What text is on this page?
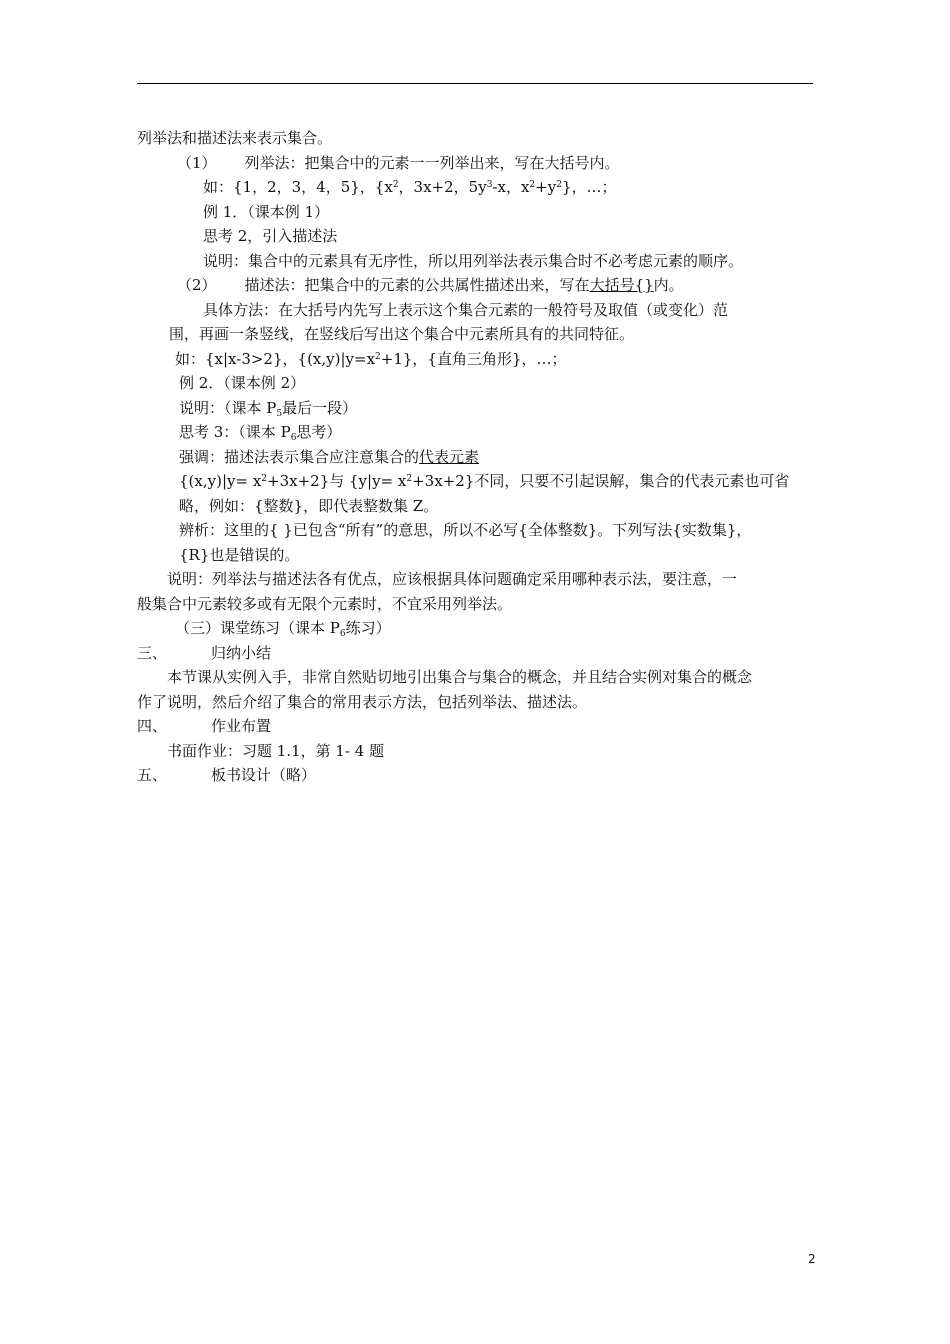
列举法和描述法来表示集合。
（1） 列举法：把集合中的元素一一列举出来，写在大括号内。
如：{1，2，3，4，5}，{$x^2$，3x+2，$5y^3-x$，$x^2+y^2$}，…；
例 1．（课本例 1）
思考 2，引入描述法
说明：集合中的元素具有无序性，所以用列举法表示集合时不必考虑元素的顺序。
（2） 描述法：把集合中的元素的公共属性描述出来，写在大括号{}内。
具体方法：在大括号内先写上表示这个集合元素的一般符号及取值（或变化）范
围，再画一条竖线，在竖线后写出这个集合中元素所具有的共同特征。
如：{x|x-3>2}，$\{(x,y)|y=x^2+1\}$，{直角三角形}，…；
例 2．（课本例 2）
说明：（课本 $P_5$最后一段）
思考 3：（课本 $P_6$思考）
强调：描述法表示集合应注意集合的代表元素
$\{(x,y)|y= x^2+3x+2\}$与 $\{y|y= x^2+3x+2\}$不同，只要不引起误解，集合的代表元素也可省
略，例如：{整数}，即代表整数集 Z。
辨析：这里的{ }已包含“所有”的意思，所以不必写{全体整数}。下列写法{实数集}，
{R}也是错误的。
说明：列举法与描述法各有优点，应该根据具体问题确定采用哪种表示法，要注意，一
般集合中元素较多或有无限个元素时，不宜采用列举法。
（三）课堂练习（课本 $P_6$练习）
三、	归纳小结
本节课从实例入手，非常自然贴切地引出集合与集合的概念，并且结合实例对集合的概念
作了说明，然后介绍了集合的常用表示方法，包括列举法、描述法。
四、	作业布置
书面作业：习题 1.1，第 1- 4 题
五、	板书设计（略）
2
